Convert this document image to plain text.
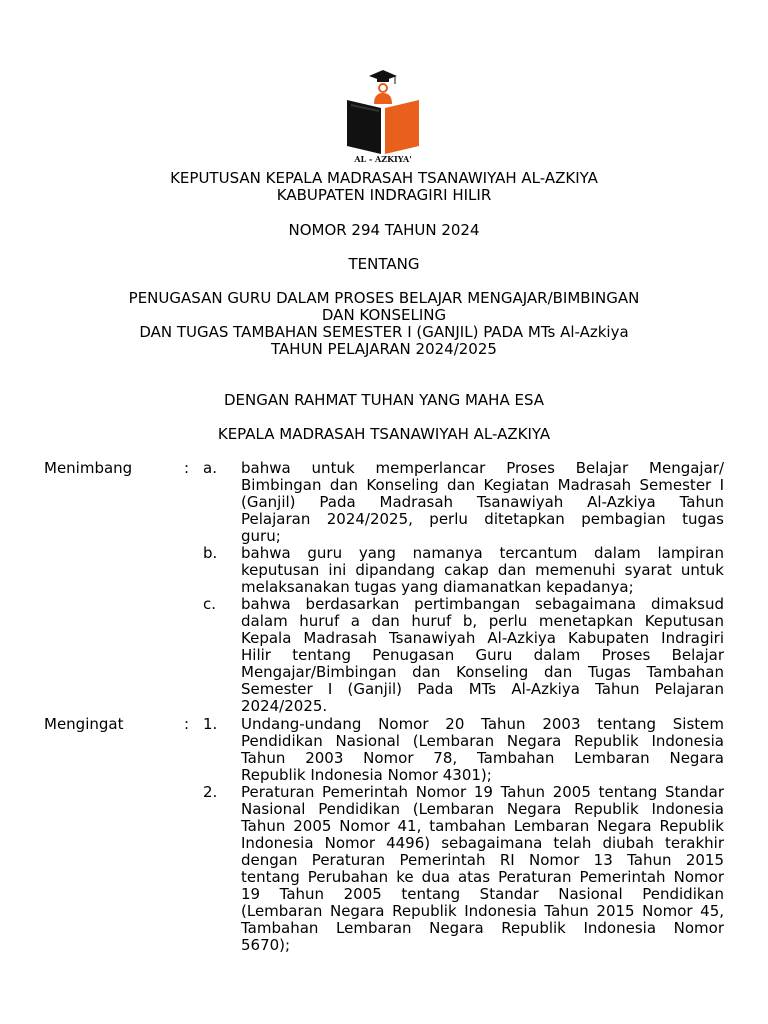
AL - AZKIYA'
KEPUTUSAN KEPALA MADRASAH TSANAWIYAH AL-AZKIYA
KABUPATEN INDRAGIRI HILIR
NOMOR 294 TAHUN 2024
TENTANG
PENUGASAN GURU DALAM PROSES BELAJAR MENGAJAR/BIMBINGAN
DAN KONSELING
DAN TUGAS TAMBAHAN SEMESTER I (GANJIL) PADA MTs Al-Azkiya
TAHUN PELAJARAN 2024/2025
DENGAN RAHMAT TUHAN YANG MAHA ESA
KEPALA MADRASAH TSANAWIYAH AL-AZKIYA
Menimbang	: a. bahwa untuk memperlancar Proses Belajar Mengajar/
Bimbingan dan Konseling dan Kegiatan Madrasah Semester I
(Ganjil) Pada Madrasah Tsanawiyah Al-Azkiya Tahun
Pelajaran 2024/2025, perlu ditetapkan pembagian tugas
guru;
b. bahwa guru yang namanya tercantum dalam lampiran
keputusan ini dipandang cakap dan memenuhi syarat untuk
melaksanakan tugas yang diamanatkan kepadanya;
c. bahwa berdasarkan pertimbangan sebagaimana dimaksud
dalam huruf a dan huruf b, perlu menetapkan Keputusan
Kepala Madrasah Tsanawiyah Al-Azkiya Kabupaten Indragiri
Hilir tentang Penugasan Guru dalam Proses Belajar
Mengajar/Bimbingan dan Konseling dan Tugas Tambahan
Semester I (Ganjil) Pada MTs Al-Azkiya Tahun Pelajaran
2024/2025.
Mengingat	: 1. Undang-undang Nomor 20 Tahun 2003 tentang Sistem
Pendidikan Nasional (Lembaran Negara Republik Indonesia
Tahun 2003 Nomor 78, Tambahan Lembaran Negara
Republik Indonesia Nomor 4301);
2. Peraturan Pemerintah Nomor 19 Tahun 2005 tentang Standar
Nasional Pendidikan (Lembaran Negara Republik Indonesia
Tahun 2005 Nomor 41, tambahan Lembaran Negara Republik
Indonesia Nomor 4496) sebagaimana telah diubah terakhir
dengan Peraturan Pemerintah RI Nomor 13 Tahun 2015
tentang Perubahan ke dua atas Peraturan Pemerintah Nomor
19 Tahun 2005 tentang Standar Nasional Pendidikan
(Lembaran Negara Republik Indonesia Tahun 2015 Nomor 45,
Tambahan Lembaran Negara Republik Indonesia Nomor
5670);
